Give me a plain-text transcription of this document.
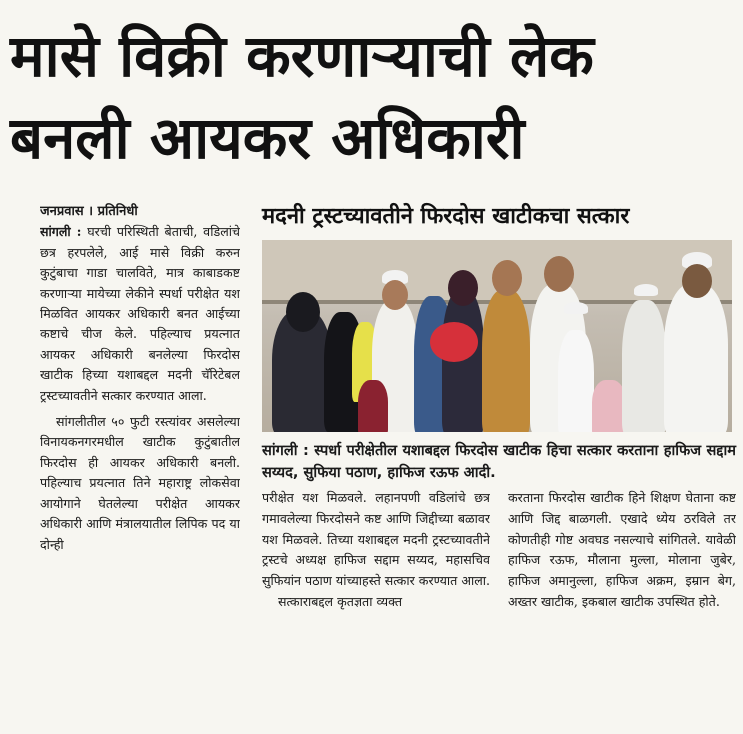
मासे विक्री करणाऱ्याची लेक
बनली आयकर अधिकारी

जनप्रवास । प्रतिनिधी

सांगली : घरची परिस्थिती बेताची, वडिलांचे छत्र हरपलेले, आई मासे विक्री करुन कुटुंबाचा गाडा चालविते, मात्र काबाडकष्ट करणाऱ्या मायेच्या लेकीने स्पर्धा परीक्षेत यश मिळवित आयकर अधिकारी बनत आईच्या कष्टाचे चीज केले. पहिल्याच प्रयत्नात आयकर अधिकारी बनलेल्या फिरदोस खाटीक हिच्या यशाबद्दल मदनी चॅरिटेबल ट्रस्टच्यावतीने सत्कार करण्यात आला.

सांगलीतील ५० फुटी रस्त्यांवर असलेल्या विनायकनगरमधील खाटीक कुटुंबातील फिरदोस ही आयकर अधिकारी बनली. पहिल्याच प्रयत्नात तिने महाराष्ट्र लोकसेवा आयोगाने घेतलेल्या परीक्षेत आयकर अधिकारी आणि मंत्रालयातील लिपिक पद या दोन्ही

मदनी ट्रस्टच्यावतीने फिरदोस खाटीकचा सत्कार
सांगली : स्पर्धा परीक्षेतील यशाबद्दल फिरदोस खाटीक हिचा सत्कार करताना हाफिज सद्दाम सय्यद, सुफिया पठाण, हाफिज रऊफ आदी.

परीक्षेत यश मिळवले. लहानपणी वडिलांचे छत्र गमावलेल्या फिरदोसने कष्ट आणि जिद्दीच्या बळावर यश मिळवले. तिच्या यशाबद्दल मदनी ट्रस्टच्यावतीने ट्रस्टचे अध्यक्ष हाफिज सद्दाम सय्यद, महासचिव सुफियांन पठाण यांच्याहस्ते सत्कार करण्यात आला.

सत्काराबद्दल कृतज्ञता व्यक्त

करताना फिरदोस खाटीक हिने शिक्षण घेताना कष्ट आणि जिद्द बाळगली. एखादे ध्येय ठरविले तर कोणतीही गोष्ट अवघड नसल्याचे सांगितले. यावेळी हाफिज रऊफ, मौलाना मुल्ला, मोलाना जुबेर, हाफिज अमानुल्ला, हाफिज अक्रम, इम्रान बेग, अख्तर खाटीक, इकबाल खाटीक उपस्थित होते.
